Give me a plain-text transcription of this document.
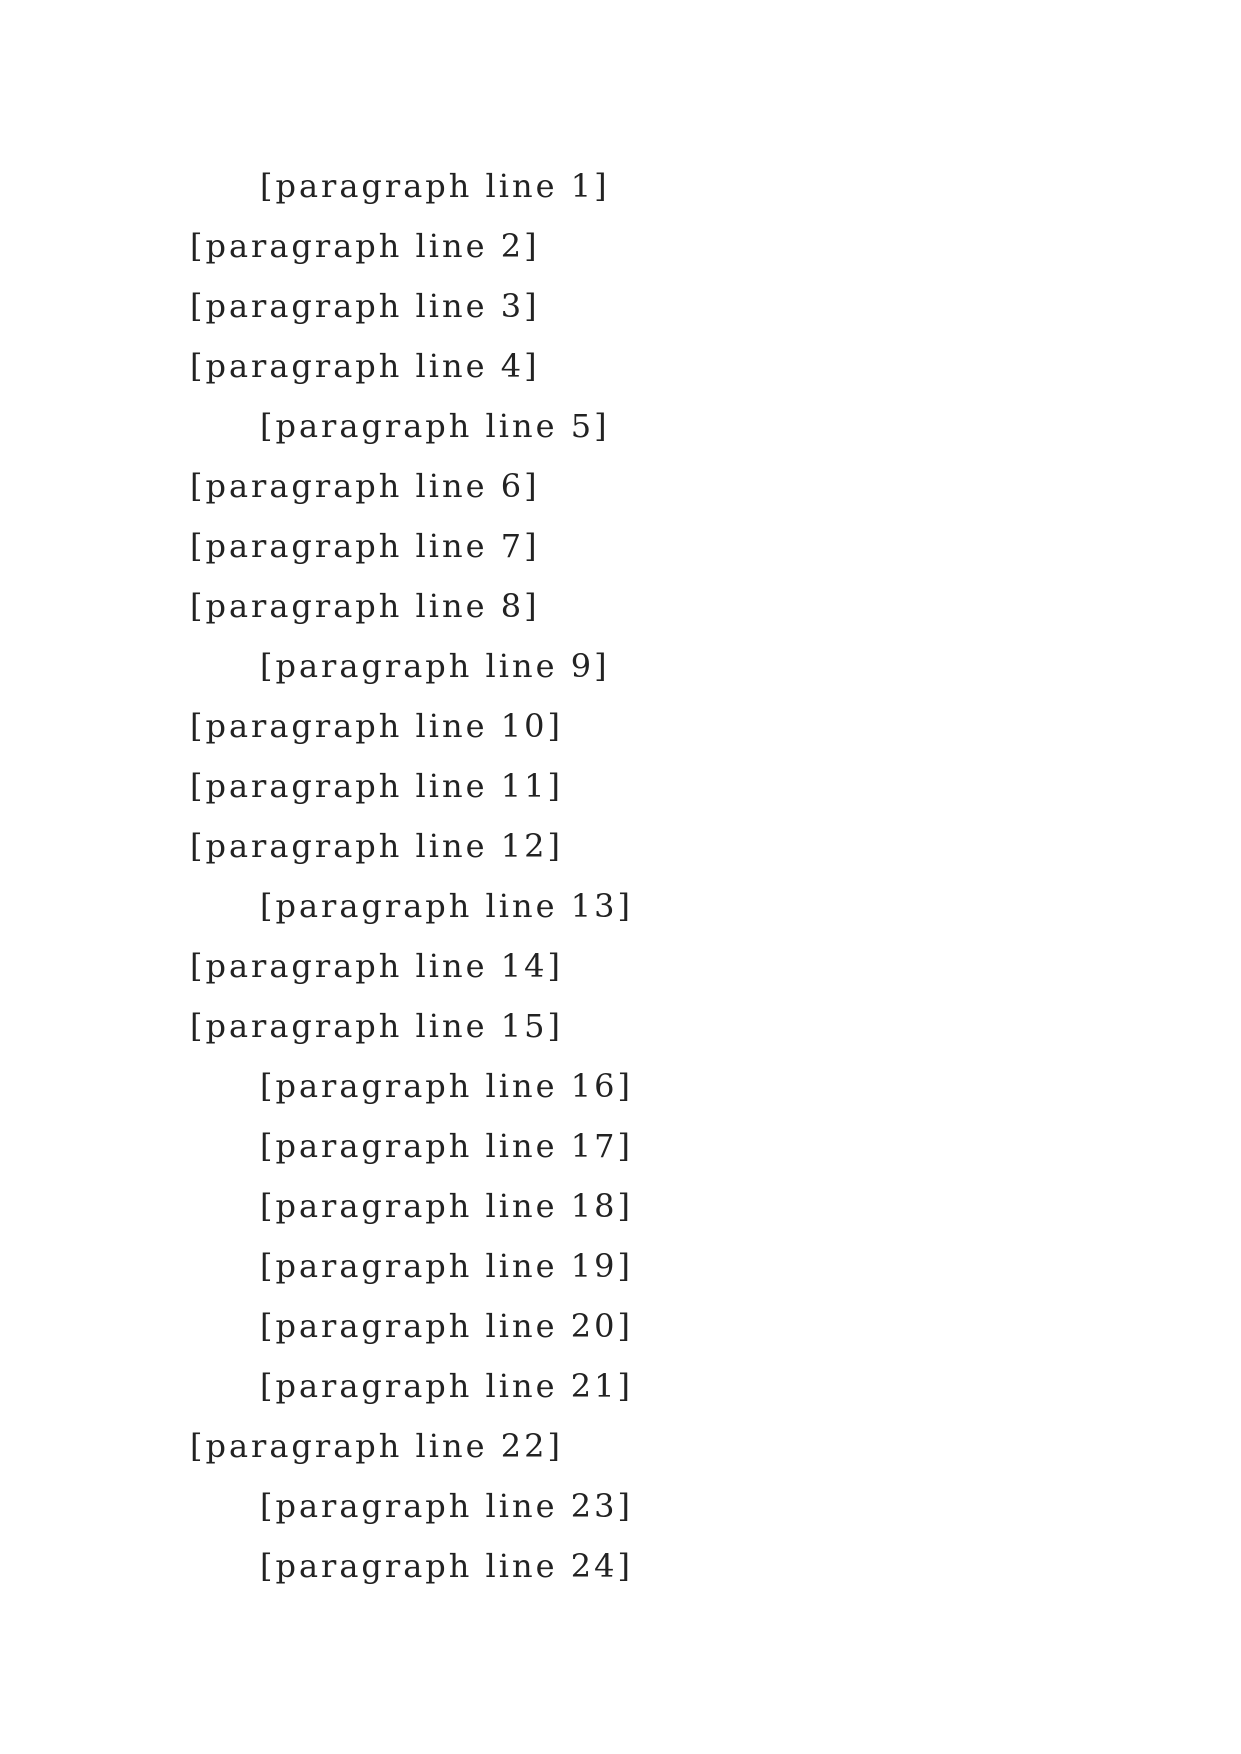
[paragraph line 1]
[paragraph line 2]
[paragraph line 3]
[paragraph line 4]
[paragraph line 5]
[paragraph line 6]
[paragraph line 7]
[paragraph line 8]
[paragraph line 9]
[paragraph line 10]
[paragraph line 11]
[paragraph line 12]
[paragraph line 13]
[paragraph line 14]
[paragraph line 15]
[paragraph line 16]
[paragraph line 17]
[paragraph line 18]
[paragraph line 19]
[paragraph line 20]
[paragraph line 21]
[paragraph line 22]
[paragraph line 23]
[paragraph line 24]
